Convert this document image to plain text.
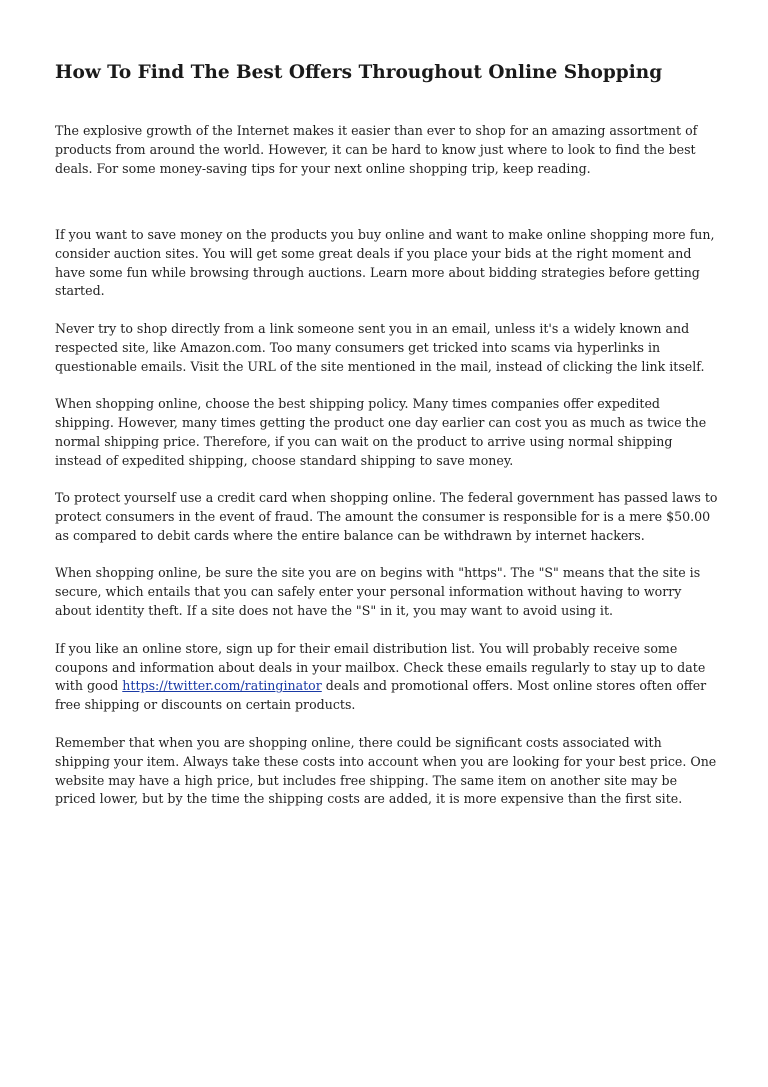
How To Find The Best Offers Throughout Online Shopping

The explosive growth of the Internet makes it easier than ever to shop for an amazing assortment of products from around the world. However, it can be hard to know just where to look to find the best deals. For some money-saving tips for your next online shopping trip, keep reading.

If you want to save money on the products you buy online and want to make online shopping more fun, consider auction sites. You will get some great deals if you place your bids at the right moment and have some fun while browsing through auctions. Learn more about bidding strategies before getting started.

Never try to shop directly from a link someone sent you in an email, unless it's a widely known and respected site, like Amazon.com. Too many consumers get tricked into scams via hyperlinks in questionable emails. Visit the URL of the site mentioned in the mail, instead of clicking the link itself.

When shopping online, choose the best shipping policy. Many times companies offer expedited shipping. However, many times getting the product one day earlier can cost you as much as twice the normal shipping price. Therefore, if you can wait on the product to arrive using normal shipping instead of expedited shipping, choose standard shipping to save money.

To protect yourself use a credit card when shopping online. The federal government has passed laws to protect consumers in the event of fraud. The amount the consumer is responsible for is a mere $50.00 as compared to debit cards where the entire balance can be withdrawn by internet hackers.

When shopping online, be sure the site you are on begins with "https". The "S" means that the site is secure, which entails that you can safely enter your personal information without having to worry about identity theft. If a site does not have the "S" in it, you may want to avoid using it.

If you like an online store, sign up for their email distribution list. You will probably receive some coupons and information about deals in your mailbox. Check these emails regularly to stay up to date with good https://twitter.com/ratinginator deals and promotional offers. Most online stores often offer free shipping or discounts on certain products.

Remember that when you are shopping online, there could be significant costs associated with shipping your item. Always take these costs into account when you are looking for your best price. One website may have a high price, but includes free shipping. The same item on another site may be priced lower, but by the time the shipping costs are added, it is more expensive than the first site.
